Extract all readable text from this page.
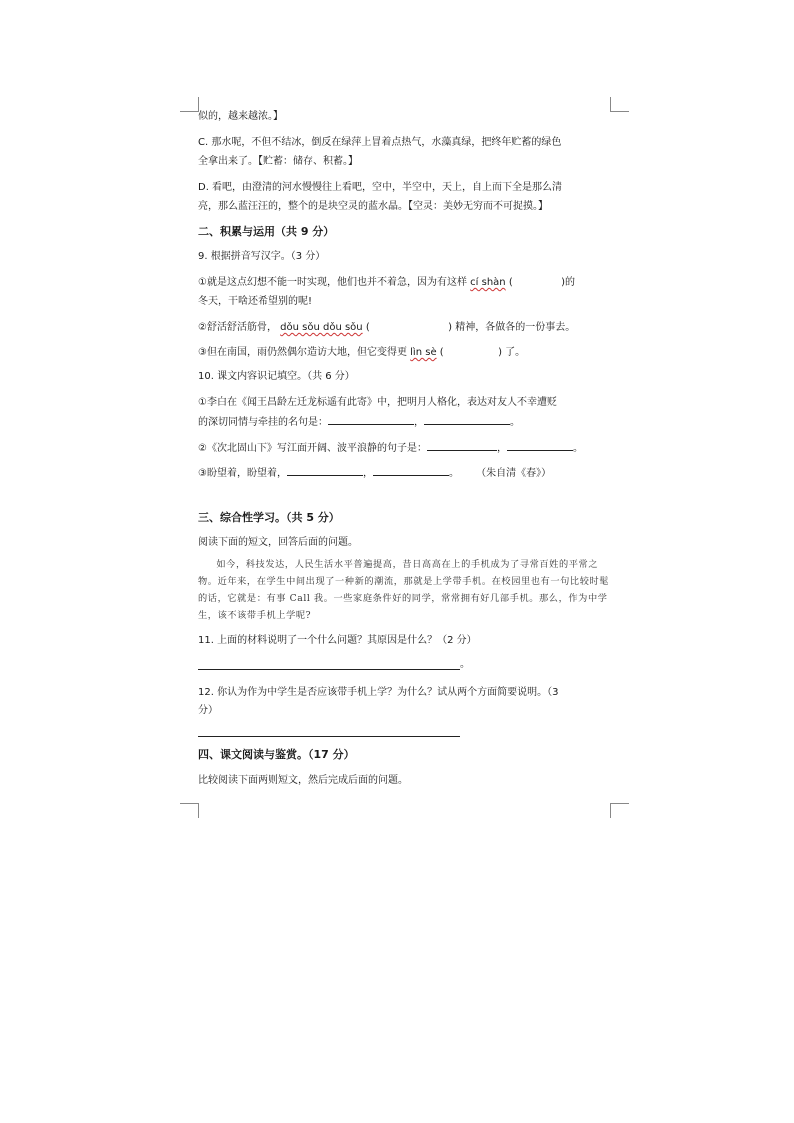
似的，越来越浓。】
C. 那水呢，不但不结冰，倒反在绿萍上冒着点热气，水藻真绿，把终年贮蓄的绿色
全拿出来了。【贮蓄：储存、积蓄。】
D. 看吧，由澄清的河水慢慢往上看吧，空中，半空中，天上，自上而下全是那么清
亮，那么蓝汪汪的，整个的是块空灵的蓝水晶。【空灵：美妙无穷而不可捉摸。】
二、积累与运用（共 9 分）
9. 根据拼音写汉字。（3 分）
①就是这点幻想不能一时实现，他们也并不着急，因为有这样 cí shàn (	)的
冬天，干啥还希望别的呢!
②舒活舒活筋骨， dǒu sǒu dǒu sǒu (	) 精神，各做各的一份事去。
③但在南国，雨仍然偶尔造访大地，但它变得更 lìn sè (	) 了。
10. 课文内容识记填空。（共 6 分）
①李白在《闻王昌龄左迁龙标遥有此寄》中，把明月人格化，表达对友人不幸遭贬
的深切同情与牵挂的名句是：	，	。
②《次北固山下》写江面开阔、波平浪静的句子是：	，	。
③盼望着，盼望着，	，	。 （朱自清《春》）
三、综合性学习。（共 5 分）
阅读下面的短文，回答后面的问题。
如今，科技发达，人民生活水平普遍提高，昔日高高在上的手机成为了寻常百姓的平常之物。近年来，在学生中间出现了一种新的潮流，那就是上学带手机。在校园里也有一句比较时髦的话，它就是：有事 Call 我。一些家庭条件好的同学，常常拥有好几部手机。那么，作为中学生，该不该带手机上学呢?
11. 上面的材料说明了一个什么问题？其原因是什么？（2 分）
。
12. 你认为作为中学生是否应该带手机上学？为什么？试从两个方面简要说明。（3
分）
四、课文阅读与鉴赏。（17 分）
比较阅读下面两则短文，然后完成后面的问题。
